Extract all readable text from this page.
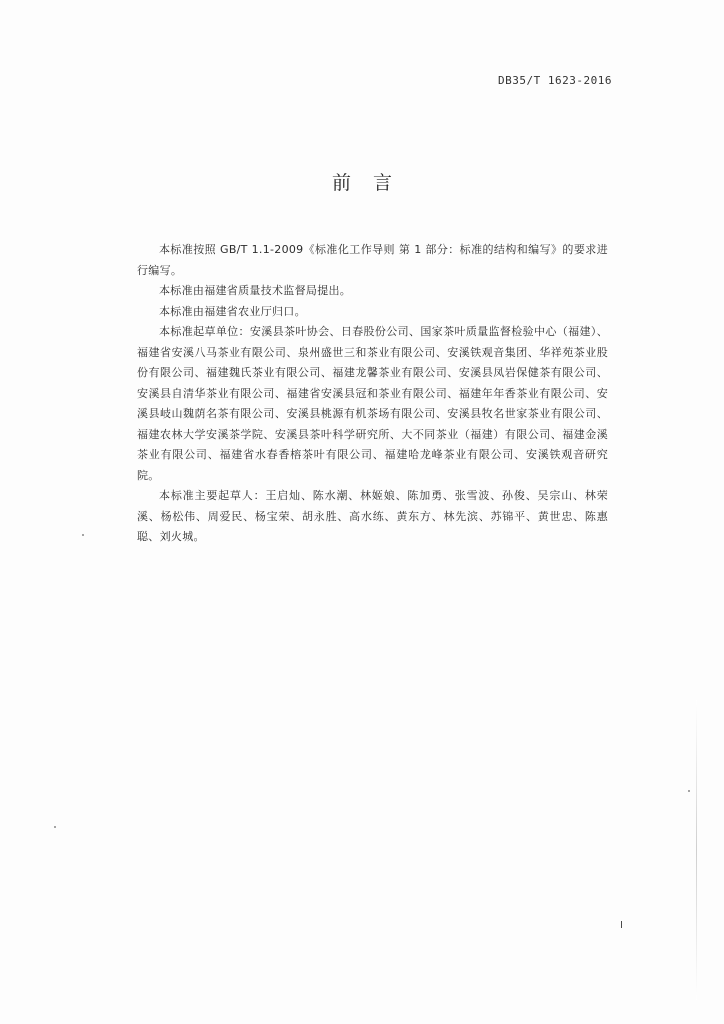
DB35/T 1623-2016
前言

本标准按照 GB/T 1.1-2009《标准化工作导则 第 1 部分：标准的结构和编写》的要求进行编写。

本标准由福建省质量技术监督局提出。

本标准由福建省农业厅归口。

本标准起草单位：安溪县茶叶协会、日春股份公司、国家茶叶质量监督检验中心（福建）、福建省安溪八马茶业有限公司、泉州盛世三和茶业有限公司、安溪铁观音集团、华祥苑茶业股份有限公司、福建魏氏茶业有限公司、福建龙馨茶业有限公司、安溪县凤岩保健茶有限公司、安溪县自清华茶业有限公司、福建省安溪县冠和茶业有限公司、福建年年香茶业有限公司、安溪县岐山魏荫名茶有限公司、安溪县桃源有机茶场有限公司、安溪县牧名世家茶业有限公司、福建农林大学安溪茶学院、安溪县茶叶科学研究所、大不同茶业（福建）有限公司、福建金溪茶业有限公司、福建省水春香榕茶叶有限公司、福建哈龙峰茶业有限公司、安溪铁观音研究院。

本标准主要起草人：王启灿、陈水潮、林姬娘、陈加勇、张雪波、孙俊、吴宗山、林荣溪、杨松伟、周爱民、杨宝荣、胡永胜、高水练、黄东方、林先滨、苏锦平、黄世忠、陈惠聪、刘火城。

I
